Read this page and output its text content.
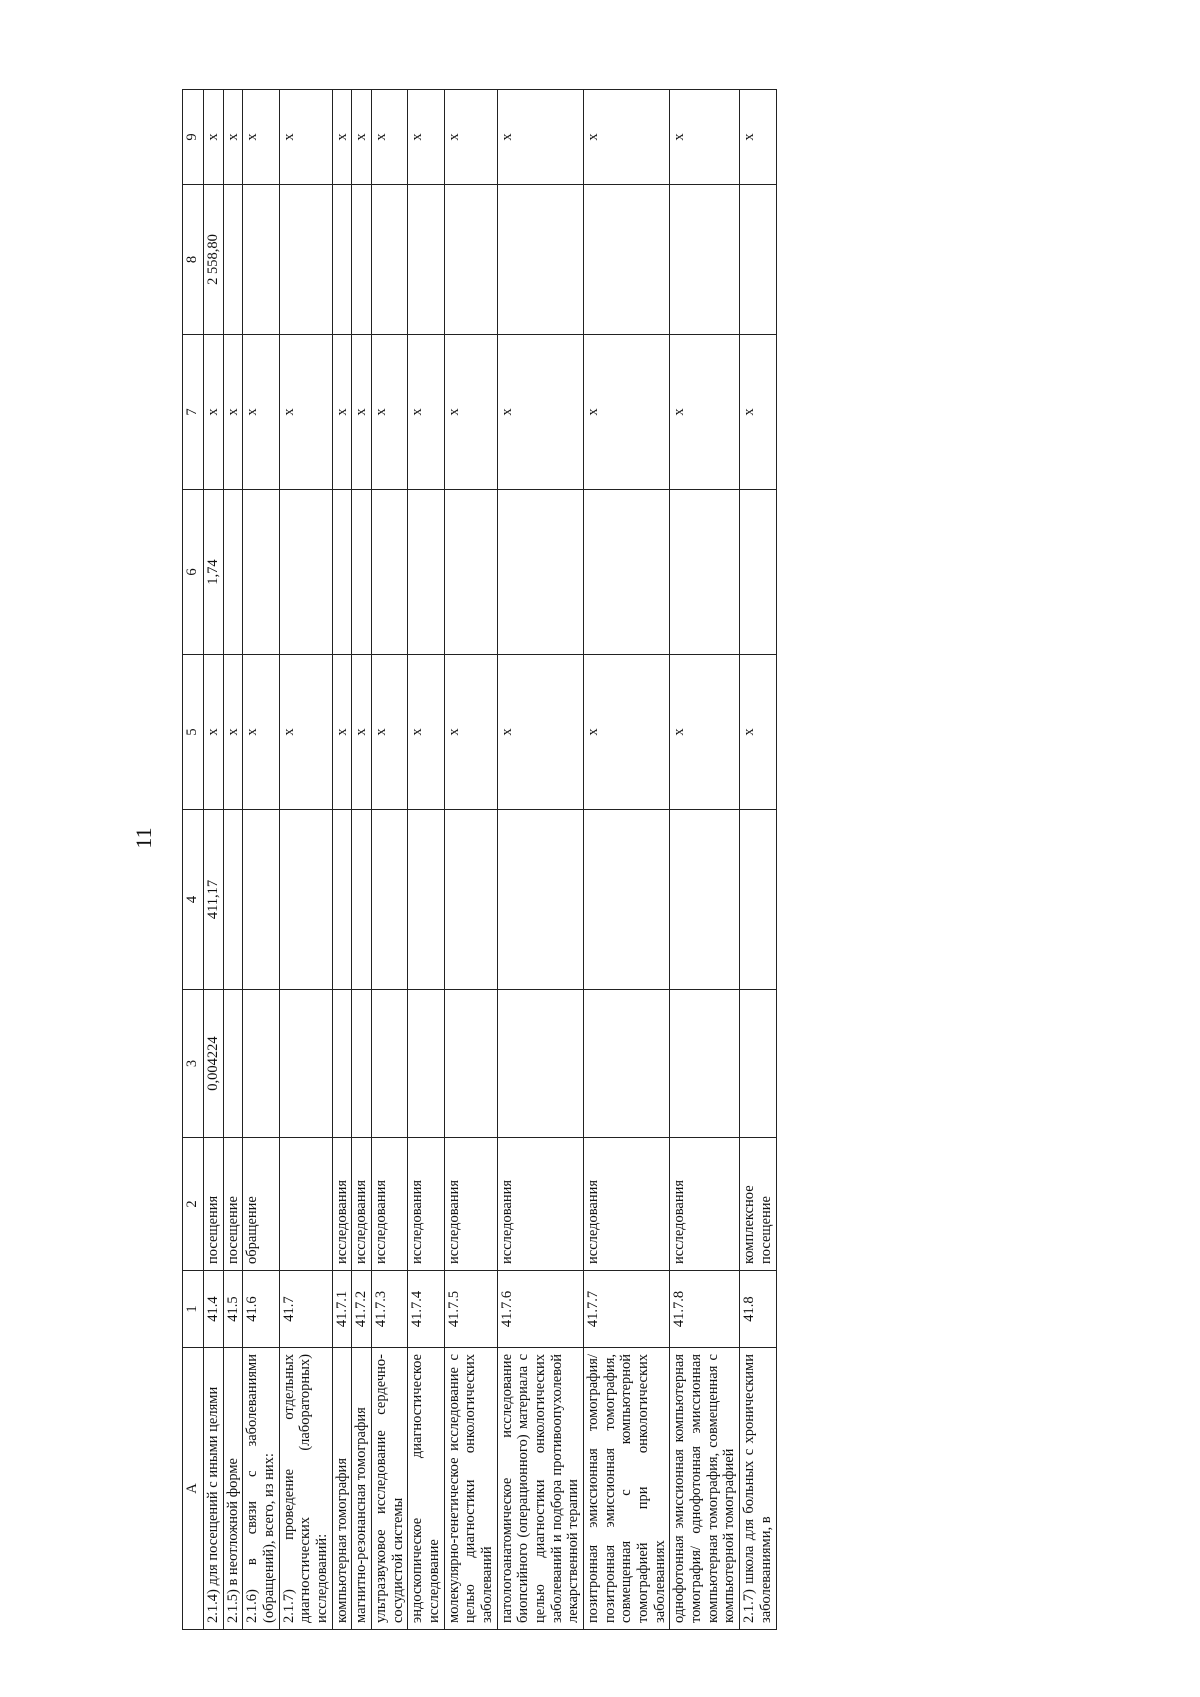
11
A	1	2	3	4	5	6	7	8	9
2.1.4) для посещений с иными целями	41.4	посещения	0,004224	411,17	х	1,74	х	2 558,80	х
2.1.5) в неотложной форме	41.5	посещение			х		х		х
2.1.6) в связи с заболеваниями (обращений), всего, из них:	41.6	обращение			х		х		х
2.1.7) проведение отдельных диагностических (лабораторных) исследований:	41.7				х		х		х
компьютерная томография	41.7.1	исследования			х		х		х
магнитно-резонансная томография	41.7.2	исследования			х		х		х
ультразвуковое исследование сердечно-сосудистой системы	41.7.3	исследования			х		х		х
эндоскопическое диагностическое исследование	41.7.4	исследования			х		х		х
молекулярно-генетическое исследование с целью диагностики онкологических заболеваний	41.7.5	исследования			х		х		х
патологоанатомическое исследование биопсийного (операционного) материала с целью диагностики онкологических заболеваний и подбора противоопухолевой лекарственной терапии	41.7.6	исследования			х		х		х
позитронная эмиссионная томография/позитронная эмиссионная томография, совмещенная с компьютерной томографией при онкологических заболеваниях	41.7.7	исследования			х		х		х
однофотонная эмиссионная компьютерная томография/ однофотонная эмиссионная компьютерная томография, совмещенная с компьютерной томографией	41.7.8	исследования			х		х		х
2.1.7) школа для больных с хроническими заболеваниями, в	41.8	комплексное посещение			х		х		х
